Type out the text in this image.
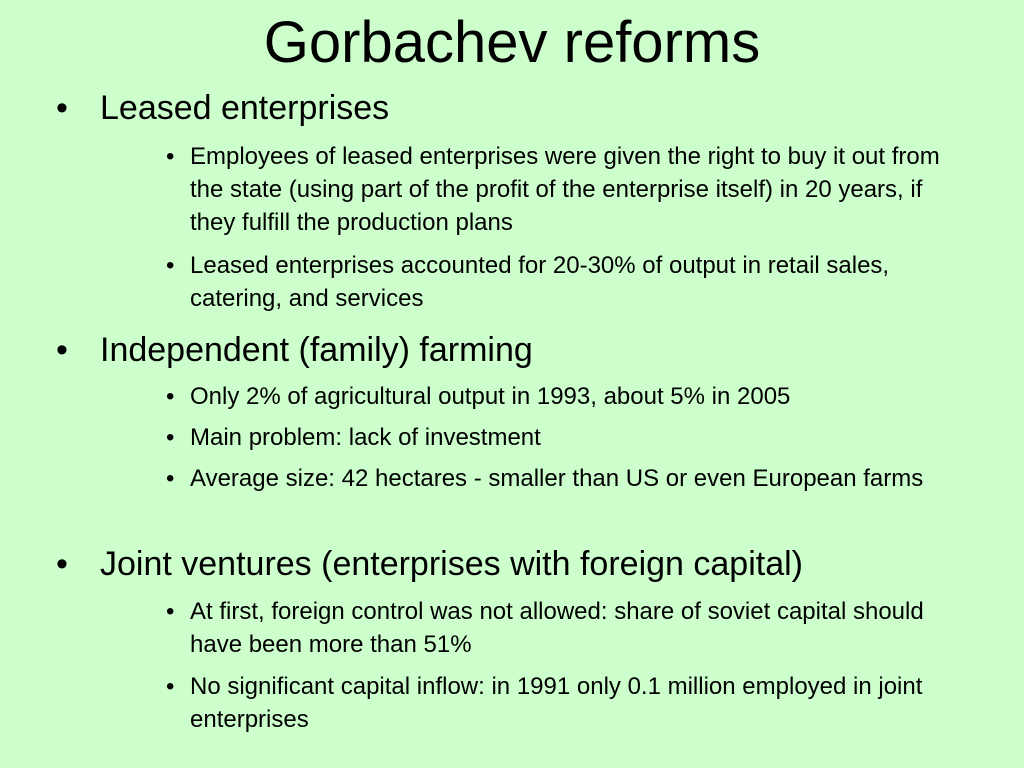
Gorbachev reforms
• Leased enterprises
• Employees of leased enterprises were given the right to buy it out from the state (using part of the profit of the enterprise itself) in 20 years, if they fulfill the production plans
• Leased enterprises accounted for 20-30% of output in retail sales, catering, and services
• Independent (family) farming
• Only 2% of agricultural output in 1993, about 5% in 2005
• Main problem: lack of investment
• Average size: 42 hectares - smaller than US or even European farms
• Joint ventures (enterprises with foreign capital)
• At first, foreign control was not allowed: share of soviet capital should have been more than 51%
• No significant capital inflow: in 1991 only 0.1 million employed in joint enterprises
